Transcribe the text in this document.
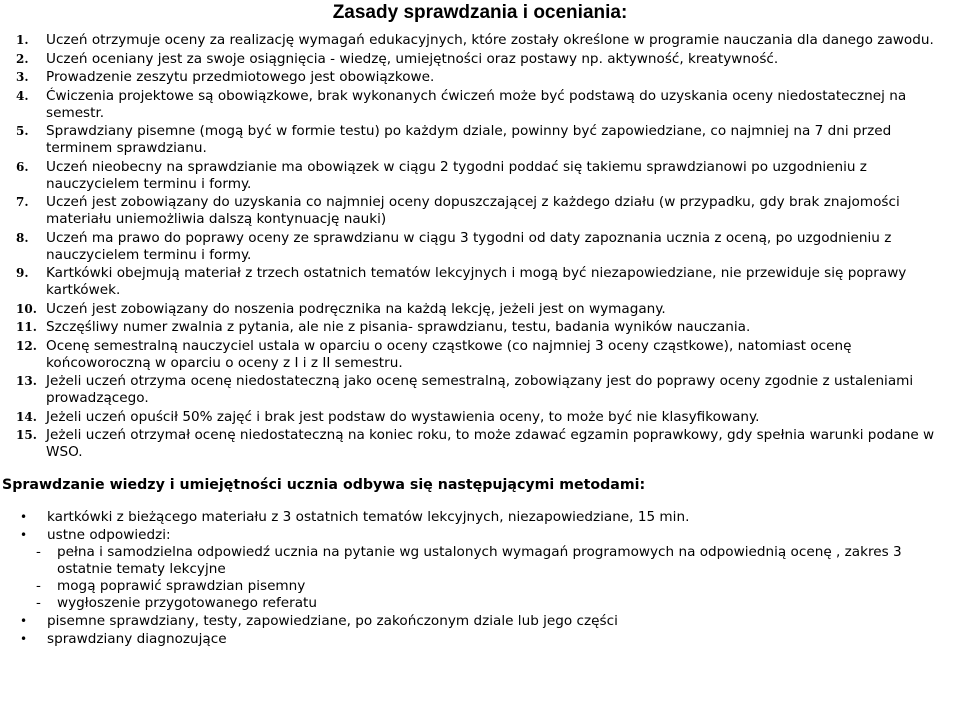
Zasady sprawdzania i oceniania:
1. Uczeń otrzymuje oceny za realizację wymagań edukacyjnych, które zostały określone w programie nauczania dla danego zawodu.
2. Uczeń oceniany jest za swoje osiągnięcia - wiedzę, umiejętności oraz postawy np. aktywność, kreatywność.
3. Prowadzenie zeszytu przedmiotowego jest obowiązkowe.
4. Ćwiczenia projektowe są obowiązkowe, brak wykonanych ćwiczeń może być podstawą do uzyskania oceny niedostatecznej na semestr.
5. Sprawdziany pisemne (mogą być w formie testu) po każdym dziale, powinny być zapowiedziane, co najmniej na 7 dni przed terminem sprawdzianu.
6. Uczeń nieobecny na sprawdzianie ma obowiązek w ciągu 2 tygodni poddać się takiemu sprawdzianowi po uzgodnieniu z nauczycielem terminu i formy.
7. Uczeń jest zobowiązany do uzyskania co najmniej oceny dopuszczającej z każdego działu (w przypadku, gdy brak znajomości materiału uniemożliwia dalszą kontynuację nauki)
8. Uczeń ma prawo do poprawy oceny ze sprawdzianu w ciągu 3 tygodni od daty zapoznania ucznia z oceną, po uzgodnieniu z nauczycielem terminu i formy.
9. Kartkówki obejmują materiał z trzech ostatnich tematów lekcyjnych i mogą być niezapowiedziane, nie przewiduje się poprawy kartkówek.
10. Uczeń jest zobowiązany do noszenia podręcznika na każdą lekcję, jeżeli jest on wymagany.
11. Szczęśliwy numer zwalnia z pytania, ale nie z pisania- sprawdzianu, testu, badania wyników nauczania.
12. Ocenę semestralną nauczyciel ustala w oparciu o oceny cząstkowe (co najmniej 3 oceny cząstkowe), natomiast ocenę końcoworoczną w oparciu o oceny z I i z II semestru.
13. Jeżeli uczeń otrzyma ocenę niedostateczną jako ocenę semestralną, zobowiązany jest do poprawy oceny zgodnie z ustaleniami prowadzącego.
14. Jeżeli uczeń opuścił 50% zajęć i brak jest podstaw do wystawienia oceny, to może być nie klasyfikowany.
15. Jeżeli uczeń otrzymał ocenę niedostateczną na koniec roku, to może zdawać egzamin poprawkowy, gdy spełnia warunki podane w WSO.
Sprawdzanie wiedzy i umiejętności ucznia odbywa się następującymi metodami:
• kartkówki z bieżącego materiału z 3 ostatnich tematów lekcyjnych, niezapowiedziane, 15 min.
• ustne odpowiedzi:
- pełna i samodzielna odpowiedź ucznia na pytanie wg ustalonych wymagań programowych na odpowiednią ocenę , zakres 3 ostatnie tematy lekcyjne
- mogą poprawić sprawdzian pisemny
- wygłoszenie przygotowanego referatu
• pisemne sprawdziany, testy, zapowiedziane, po zakończonym dziale lub jego części
• sprawdziany diagnozujące
